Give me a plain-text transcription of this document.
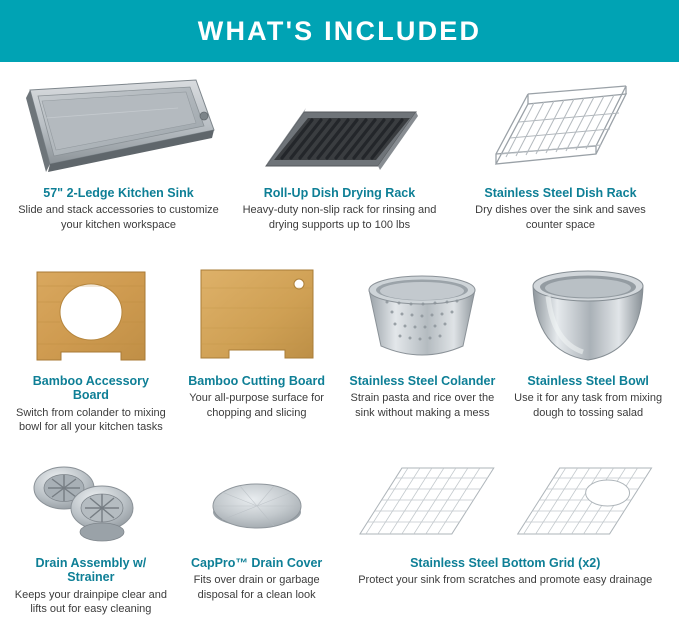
WHAT'S INCLUDED
57" 2-Ledge Kitchen Sink
Slide and stack accessories to customize your kitchen workspace
Roll-Up Dish Drying Rack
Heavy-duty non-slip rack for rinsing and drying supports up to 100 lbs
Stainless Steel Dish Rack
Dry dishes over the sink and saves counter space
Bamboo Accessory Board
Switch from colander to mixing bowl for all your kitchen tasks
Bamboo Cutting Board
Your all-purpose surface for chopping and slicing
Stainless Steel Colander
Strain pasta and rice over the sink without making a mess
Stainless Steel Bowl
Use it for any task from mixing dough to tossing salad
Drain Assembly w/ Strainer
Keeps your drainpipe clear and lifts out for easy cleaning
CapPro™ Drain Cover
Fits over drain or garbage disposal for a clean look
Stainless Steel Bottom Grid (x2)
Protect your sink from scratches and promote easy drainage
